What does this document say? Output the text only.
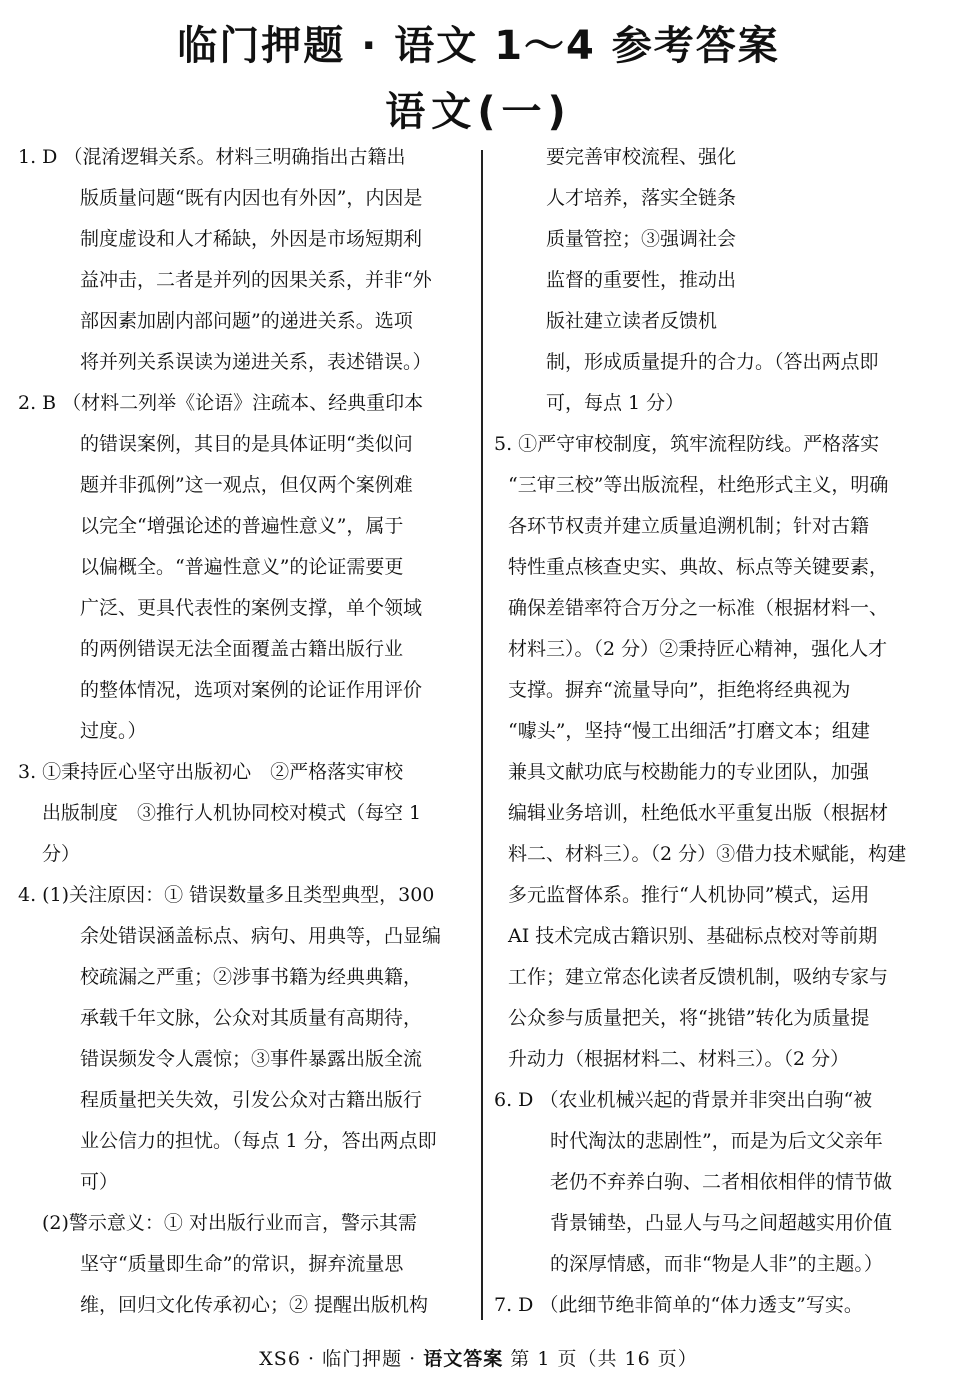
临门押题 · 语文 1～4 参考答案
语文(一)
1. D （混淆逻辑关系。材料三明确指出古籍出
版质量问题“既有内因也有外因”，内因是
制度虚设和人才稀缺，外因是市场短期利
益冲击，二者是并列的因果关系，并非“外
部因素加剧内部问题”的递进关系。选项
将并列关系误读为递进关系，表述错误。）
2. B （材料二列举《论语》注疏本、经典重印本
的错误案例，其目的是具体证明“类似问
题并非孤例”这一观点，但仅两个案例难
以完全“增强论述的普遍性意义”，属于
以偏概全。“普遍性意义”的论证需要更
广泛、更具代表性的案例支撑，单个领域
的两例错误无法全面覆盖古籍出版行业
的整体情况，选项对案例的论证作用评价
过度。）
3. ①秉持匠心坚守出版初心　②严格落实审校
出版制度　③推行人机协同校对模式（每空 1
分）
4. (1)关注原因：① 错误数量多且类型典型，300
余处错误涵盖标点、病句、用典等，凸显编
校疏漏之严重；②涉事书籍为经典典籍，
承载千年文脉，公众对其质量有高期待，
错误频发令人震惊；③事件暴露出版全流
程质量把关失效，引发公众对古籍出版行
业公信力的担忧。（每点 1 分，答出两点即
可）
(2)警示意义：① 对出版行业而言，警示其需
坚守“质量即生命”的常识，摒弃流量思
维，回归文化传承初心；② 提醒出版机构
要完善审校流程、强化
人才培养，落实全链条
质量管控；③强调社会
监督的重要性，推动出
版社建立读者反馈机
制，形成质量提升的合力。（答出两点即
可，每点 1 分）
5. ①严守审校制度，筑牢流程防线。严格落实
“三审三校”等出版流程，杜绝形式主义，明确
各环节权责并建立质量追溯机制；针对古籍
特性重点核查史实、典故、标点等关键要素，
确保差错率符合万分之一标准（根据材料一、
材料三）。（2 分）②秉持匠心精神，强化人才
支撑。摒弃“流量导向”，拒绝将经典视为
“噱头”，坚持“慢工出细活”打磨文本；组建
兼具文献功底与校勘能力的专业团队，加强
编辑业务培训，杜绝低水平重复出版（根据材
料二、材料三）。（2 分）③借力技术赋能，构建
多元监督体系。推行“人机协同”模式，运用
AI 技术完成古籍识别、基础标点校对等前期
工作；建立常态化读者反馈机制，吸纳专家与
公众参与质量把关，将“挑错”转化为质量提
升动力（根据材料二、材料三）。（2 分）
6. D （农业机械兴起的背景并非突出白驹“被
时代淘汰的悲剧性”，而是为后文父亲年
老仍不弃养白驹、二者相依相伴的情节做
背景铺垫，凸显人与马之间超越实用价值
的深厚情感，而非“物是人非”的主题。）
7. D （此细节绝非简单的“体力透支”写实。
XS6 · 临门押题 · 语文答案 第 1 页（共 16 页）
